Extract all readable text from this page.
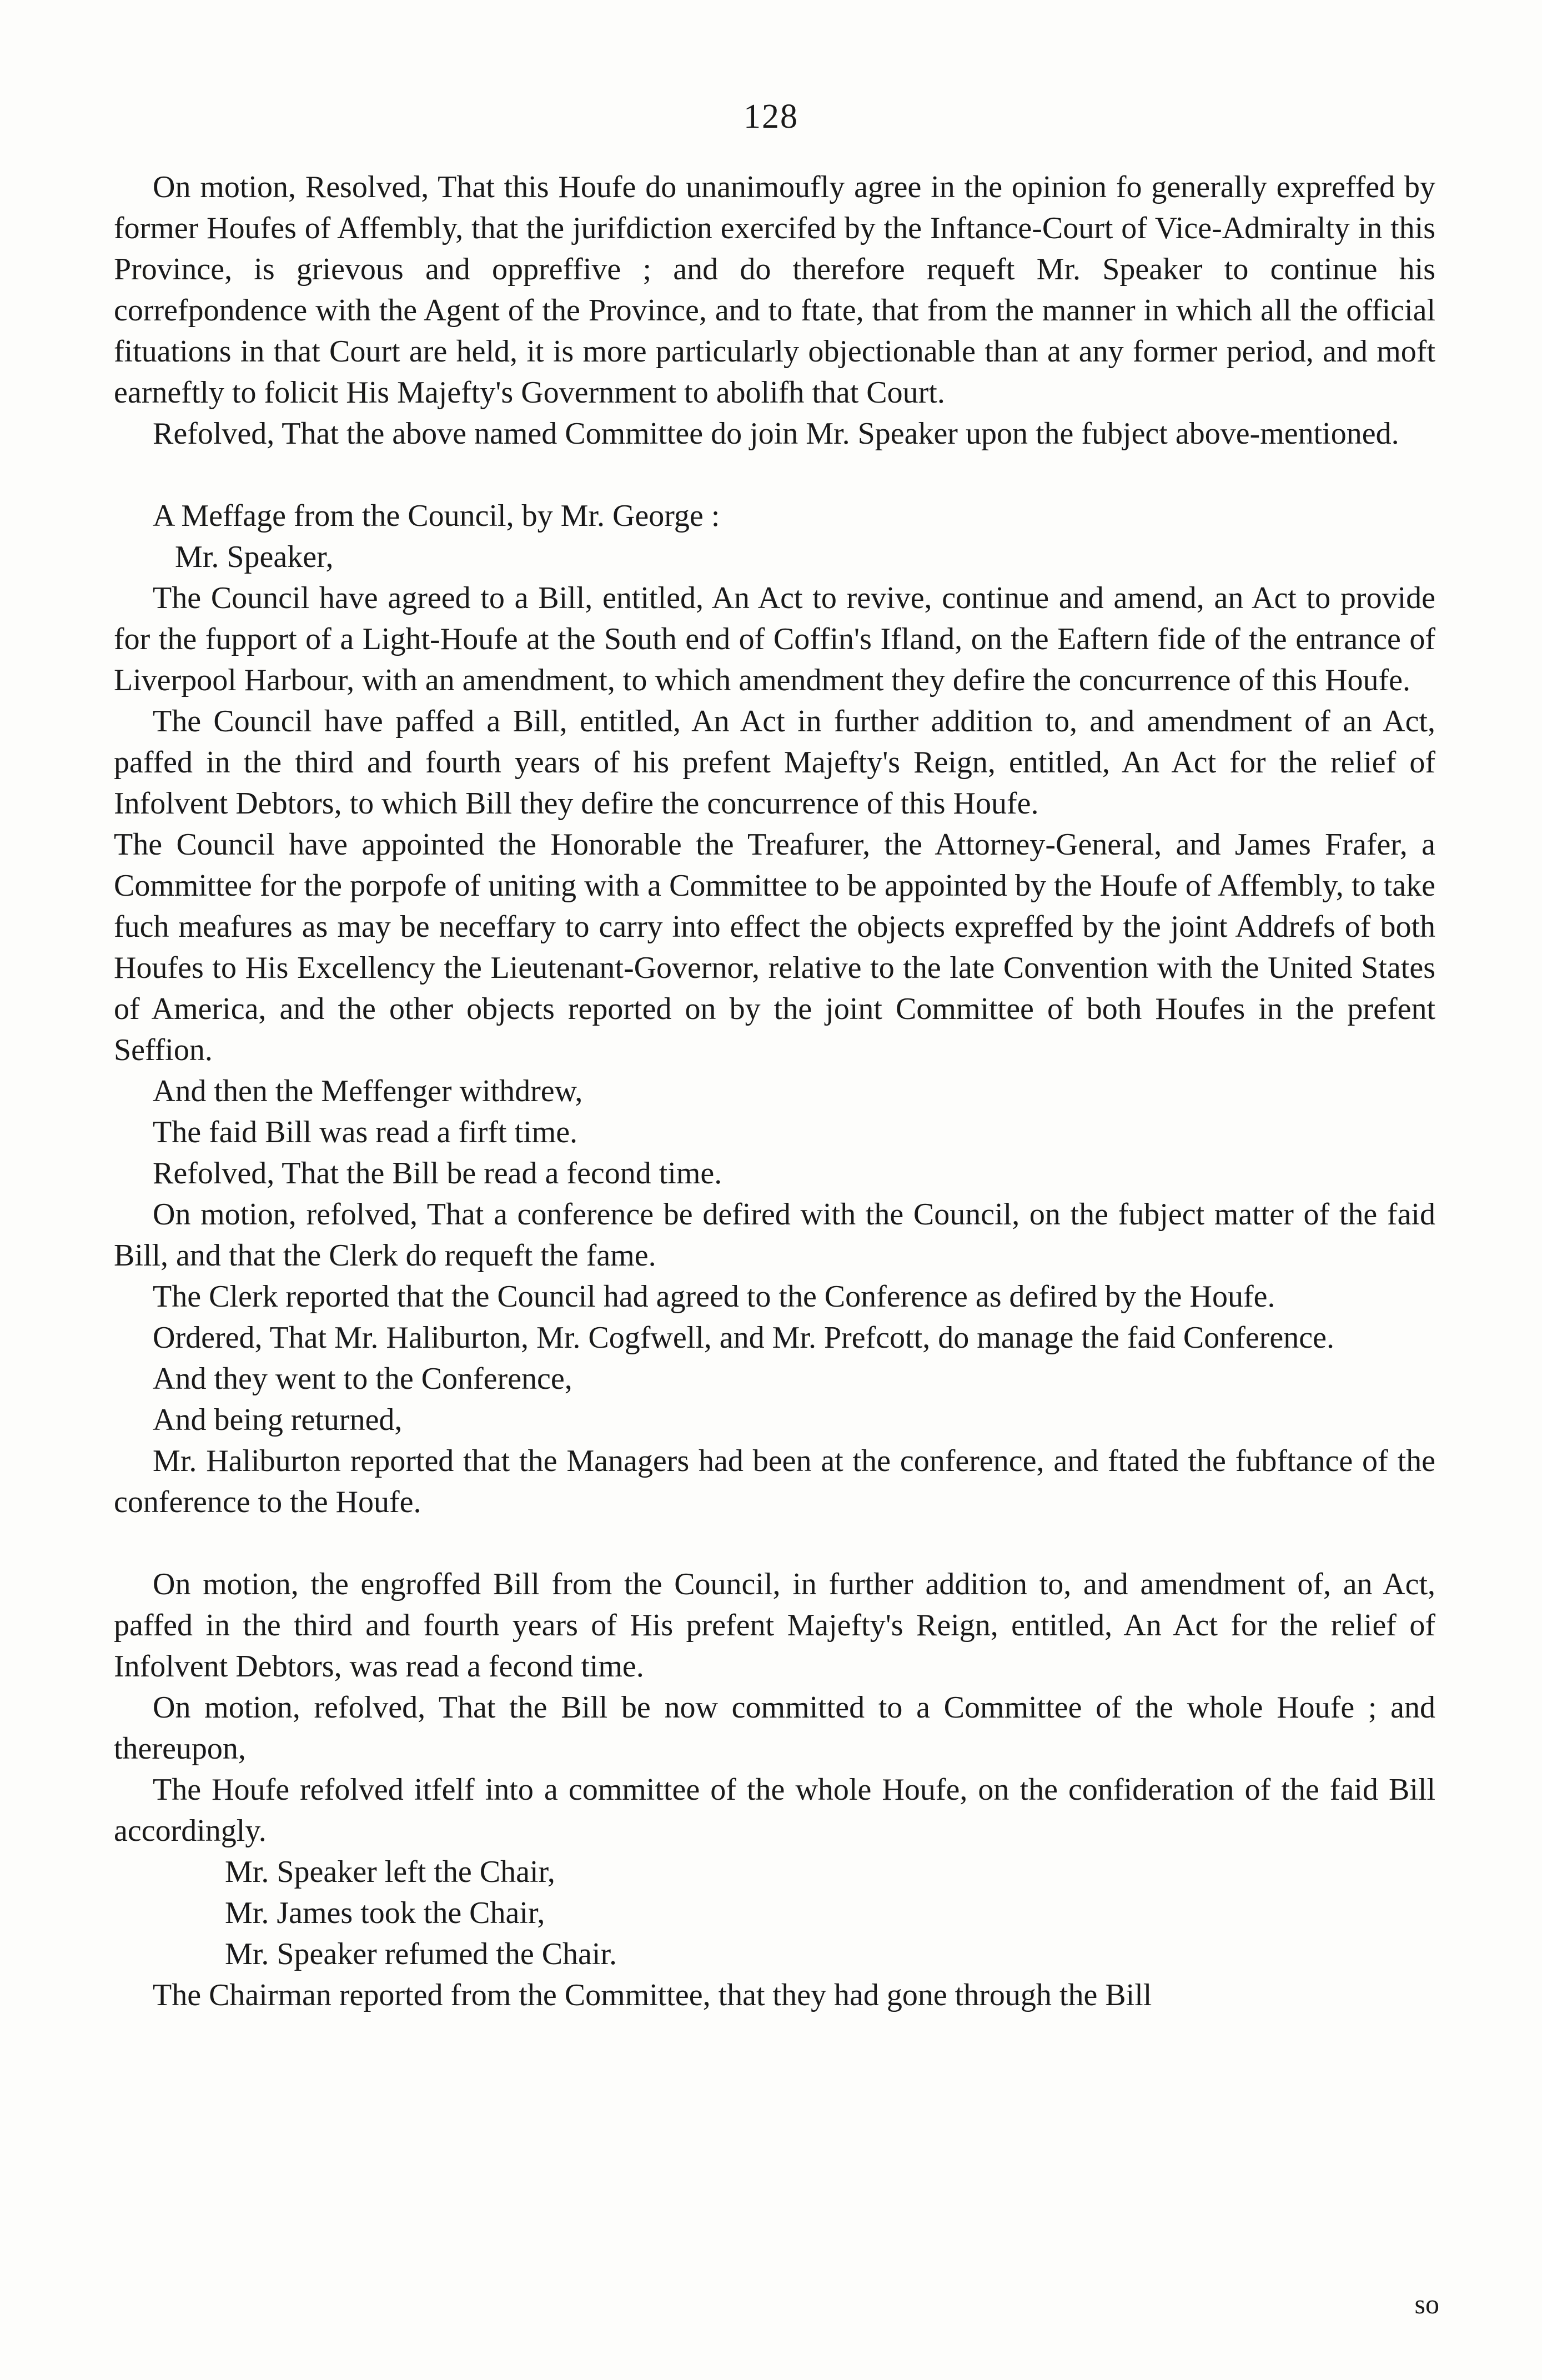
128

On motion, Resolved, That this Houfe do unanimoufly agree in the opinion fo generally expreffed by former Houfes of Affembly, that the jurifdiction exercifed by the Inftance-Court of Vice-Admiralty in this Province, is grievous and oppreffive ; and do therefore requeft Mr. Speaker to continue his correfpondence with the Agent of the Province, and to ftate, that from the manner in which all the official fituations in that Court are held, it is more particularly objectionable than at any former period, and moft earneftly to folicit His Majefty's Government to abolifh that Court.

Refolved, That the above named Committee do join Mr. Speaker upon the fubject above-mentioned.

A Meffage from the Council, by Mr. George :

Mr. Speaker,

The Council have agreed to a Bill, entitled, An Act to revive, continue and amend, an Act to provide for the fupport of a Light-Houfe at the South end of Coffin's Ifland, on the Eaftern fide of the entrance of Liverpool Harbour, with an amendment, to which amendment they defire the concurrence of this Houfe.

The Council have paffed a Bill, entitled, An Act in further addition to, and amendment of an Act, paffed in the third and fourth years of his prefent Majefty's Reign, entitled, An Act for the relief of Infolvent Debtors, to which Bill they defire the concurrence of this Houfe.

The Council have appointed the Honorable the Treafurer, the Attorney-General, and James Frafer, a Committee for the porpofe of uniting with a Committee to be appointed by the Houfe of Affembly, to take fuch meafures as may be neceffary to carry into effect the objects expreffed by the joint Addrefs of both Houfes to His Excellency the Lieutenant-Governor, relative to the late Convention with the United States of America, and the other objects reported on by the joint Committee of both Houfes in the prefent Seffion.

And then the Meffenger withdrew,

The faid Bill was read a firft time.

Refolved, That the Bill be read a fecond time.

On motion, refolved, That a conference be defired with the Council, on the fubject matter of the faid Bill, and that the Clerk do requeft the fame.

The Clerk reported that the Council had agreed to the Conference as defired by the Houfe.

Ordered, That Mr. Haliburton, Mr. Cogfwell, and Mr. Prefcott, do manage the faid Conference.

And they went to the Conference,

And being returned,

Mr. Haliburton reported that the Managers had been at the conference, and ftated the fubftance of the conference to the Houfe.

On motion, the engroffed Bill from the Council, in further addition to, and amendment of, an Act, paffed in the third and fourth years of His prefent Majefty's Reign, entitled, An Act for the relief of Infolvent Debtors, was read a fecond time.

On motion, refolved, That the Bill be now committed to a Committee of the whole Houfe ; and thereupon,

The Houfe refolved itfelf into a committee of the whole Houfe, on the confideration of the faid Bill accordingly.

Mr. Speaker left the Chair,

Mr. James took the Chair,

Mr. Speaker refumed the Chair.

The Chairman reported from the Committee, that they had gone through the Bill

so
